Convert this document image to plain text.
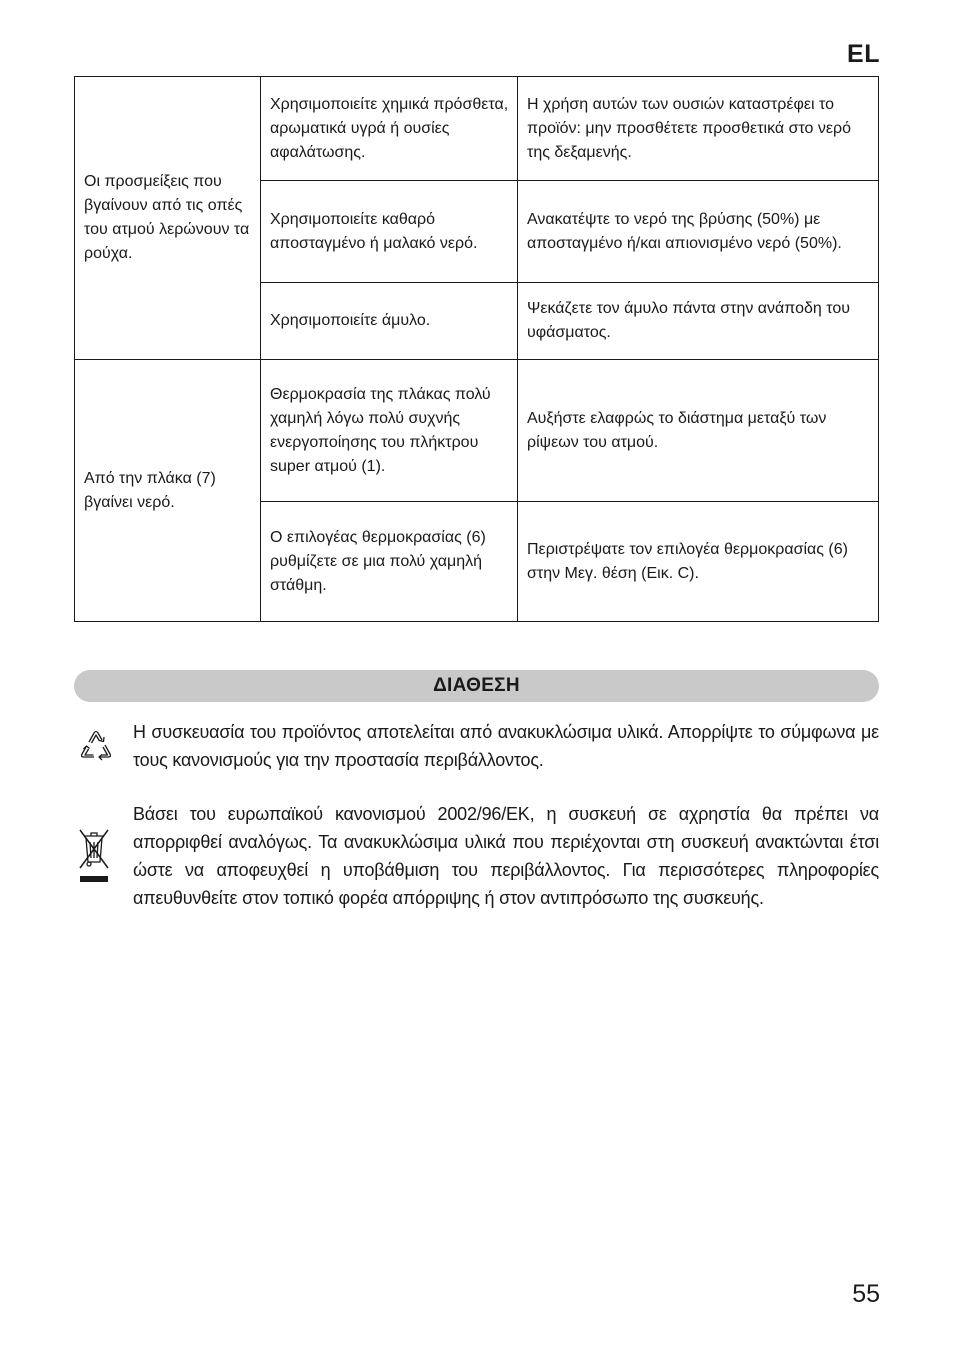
EL
Οι προσμείξεις που βγαίνουν από τις οπές του ατμού λερώνουν τα ρούχα.	Χρησιμοποιείτε χημικά πρόσθετα, αρωματικά υγρά ή ουσίες αφαλάτωσης.	Η χρήση αυτών των ουσιών καταστρέφει το προϊόν: μην προσθέτετε προσθετικά στο νερό της δεξαμενής.
	Χρησιμοποιείτε καθαρό αποσταγμένο ή μαλακό νερό.	Ανακατέψτε το νερό της βρύσης (50%) με αποσταγμένο ή/και απιονισμένο νερό (50%).
	Χρησιμοποιείτε άμυλο.	Ψεκάζετε τον άμυλο πάντα στην ανάποδη του υφάσματος.
Από την πλάκα (7) βγαίνει νερό.	Θερμοκρασία της πλάκας πολύ χαμηλή λόγω πολύ συχνής ενεργοποίησης του πλήκτρου super ατμού (1).	Αυξήστε ελαφρώς το διάστημα μεταξύ των ρίψεων του ατμού.
	Ο επιλογέας θερμοκρασίας (6) ρυθμίζετε σε μια πολύ χαμηλή στάθμη.	Περιστρέψατε τον επιλογέα θερμοκρασίας (6) στην Μεγ. θέση (Εικ. C).
ΔΙΑΘΕΣΗ

Η συσκευασία του προϊόντος αποτελείται από ανακυκλώσιμα υλικά. Απορρίψτε το σύμφωνα με τους κανονισμούς για την προστασία περιβάλλοντος.

Βάσει του ευρωπαϊκού κανονισμού 2002/96/ΕΚ, η συσκευή σε αχρηστία θα πρέπει να απορριφθεί αναλόγως. Τα ανακυκλώσιμα υλικά που περιέχονται στη συσκευή ανακτώνται έτσι ώστε να αποφευχθεί η υποβάθμιση του περιβάλλοντος. Για περισσότερες πληροφορίες απευθυνθείτε στον τοπικό φορέα απόρριψης ή στον αντιπρόσωπο της συσκευής.

55
